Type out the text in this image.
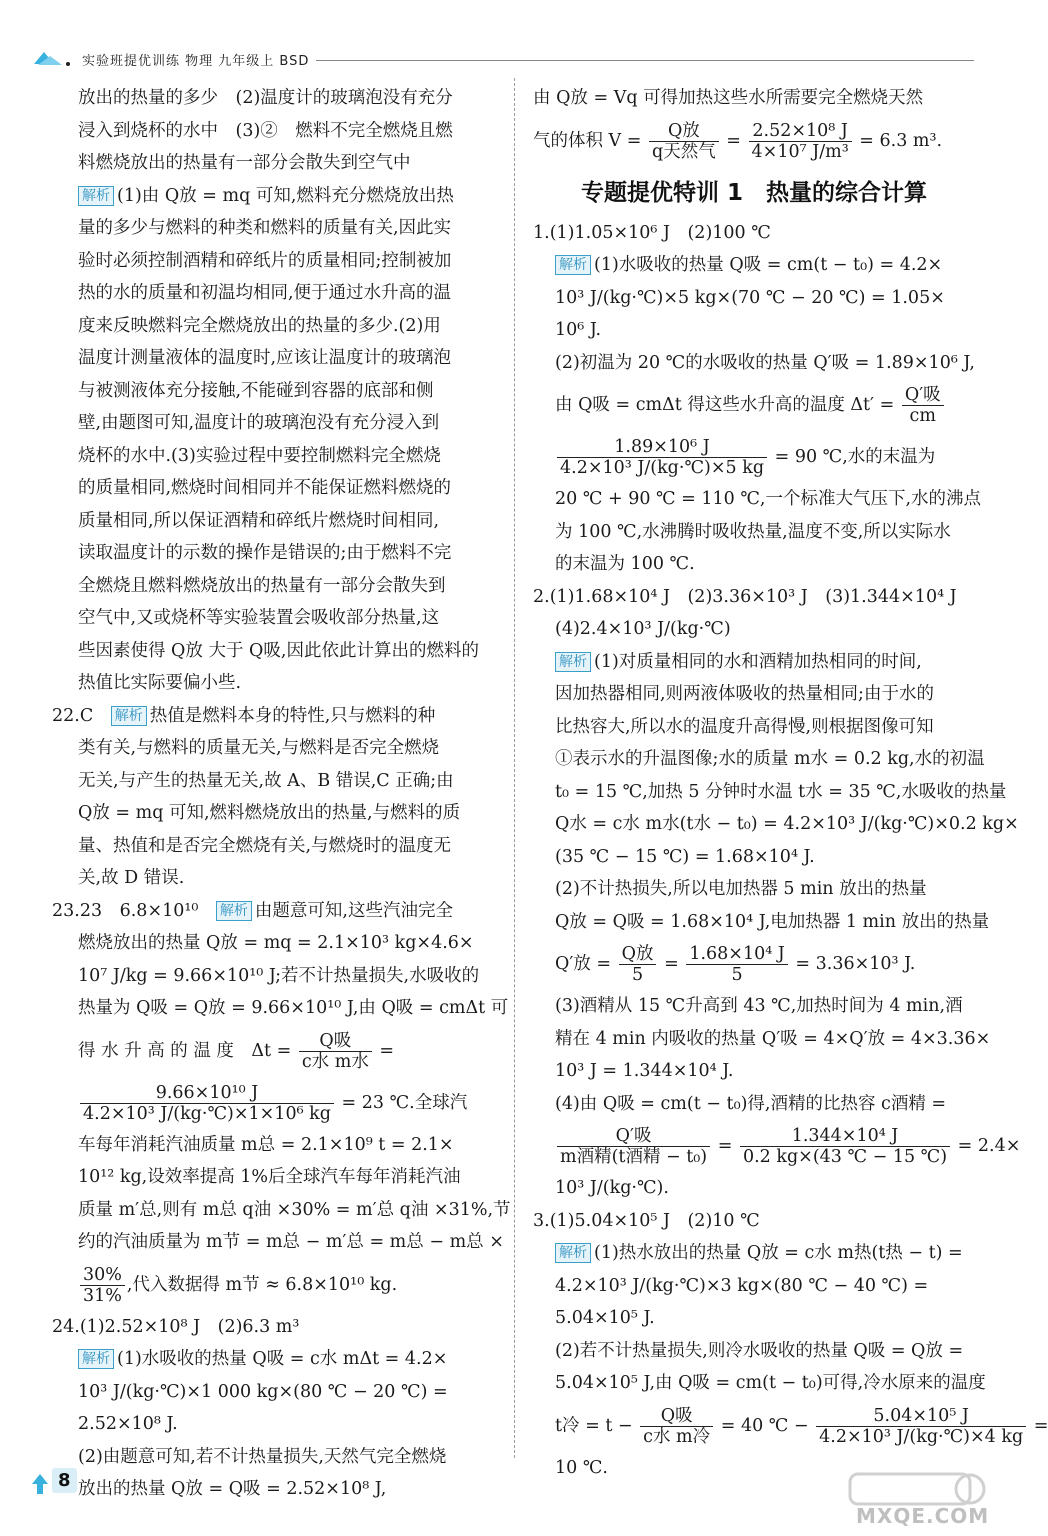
实验班提优训练 物理 九年级上 BSD
放出的热量的多少　(2)温度计的玻璃泡没有充分
浸入到烧杯的水中　(3)②　燃料不完全燃烧且燃
料燃烧放出的热量有一部分会散失到空气中
解析 (1)由 Q放 = mq 可知,燃料充分燃烧放出热
量的多少与燃料的种类和燃料的质量有关,因此实
验时必须控制酒精和碎纸片的质量相同;控制被加
热的水的质量和初温均相同,便于通过水升高的温
度来反映燃料完全燃烧放出的热量的多少.(2)用
温度计测量液体的温度时,应该让温度计的玻璃泡
与被测液体充分接触,不能碰到容器的底部和侧
壁,由题图可知,温度计的玻璃泡没有充分浸入到
烧杯的水中.(3)实验过程中要控制燃料完全燃烧
的质量相同,燃烧时间相同并不能保证燃料燃烧的
质量相同,所以保证酒精和碎纸片燃烧时间相同,
读取温度计的示数的操作是错误的;由于燃料不完
全燃烧且燃料燃烧放出的热量有一部分会散失到
空气中,又或烧杯等实验装置会吸收部分热量,这
些因素使得 Q放 大于 Q吸,因此依此计算出的燃料的
热值比实际要偏小些.
22.C　 解析 热值是燃料本身的特性,只与燃料的种
类有关,与燃料的质量无关,与燃料是否完全燃烧
无关,与产生的热量无关,故 A、B 错误,C 正确;由
Q放 = mq 可知,燃料燃烧放出的热量,与燃料的质
量、热值和是否完全燃烧有关,与燃烧时的温度无
关,故 D 错误.
23.23　6.8×10¹⁰　 解析 由题意可知,这些汽油完全
燃烧放出的热量 Q放 = mq = 2.1×10³ kg×4.6×
10⁷ J/kg = 9.66×10¹⁰ J;若不计热量损失,水吸收的
热量为 Q吸 = Q放 = 9.66×10¹⁰ J,由 Q吸 = cmΔt 可
得 水 升 高 的 温 度　$\Delta t = \frac{\text{Q吸}}{\text{c水 m水}}$ =
$\frac{\text{9.66×10¹⁰ J}}{\text{4.2×10³ J/(kg·℃)×1×10⁶ kg}} = 23$ ℃.全球汽
车每年消耗汽油质量 m总 = 2.1×10⁹ t = 2.1×
10¹² kg,设效率提高 1%后全球汽车每年消耗汽油
质量 m′总,则有 m总 q油 ×30% = m′总 q油 ×31%,节
约的汽油质量为 m节 = m总 − m′总 = m总 − m总 ×
$\frac{30\%}{31\%}$ ,代入数据得 m节 ≈ 6.8×10¹⁰ kg.
24.(1)2.52×10⁸ J　(2)6.3 m³
解析 (1)水吸收的热量 Q吸 = c水 mΔt = 4.2×
10³ J/(kg·℃)×1 000 kg×(80 ℃ − 20 ℃) =
2.52×10⁸ J.
(2)由题意可知,若不计热量损失,天然气完全燃烧
放出的热量 Q放 = Q吸 = 2.52×10⁸ J,
由 Q放 = Vq 可得加热这些水所需要完全燃烧天然
气的体积 $V = \frac{\text{Q放}}{\text{q天然气}} = \frac{\text{2.52×10⁸ J}}{\text{4×10⁷ J/m³}} = 6.3$ m³.
专题提优特训 1　热量的综合计算
1.(1)1.05×10⁶ J　(2)100 ℃
解析 (1)水吸收的热量 Q吸 = cm(t − t₀) = 4.2×
10³ J/(kg·℃)×5 kg×(70 ℃ − 20 ℃) = 1.05×
10⁶ J.
(2)初温为 20 ℃的水吸收的热量 Q′吸 = 1.89×10⁶ J,
由 Q吸 = cmΔt 得这些水升高的温度 $\Delta t' = \frac{\text{Q′吸}}{cm}$
$\frac{\text{1.89×10⁶ J}}{\text{4.2×10³ J/(kg·℃)×5 kg}} = 90$ ℃,水的末温为
20 ℃ + 90 ℃ = 110 ℃,一个标准大气压下,水的沸点
为 100 ℃,水沸腾时吸收热量,温度不变,所以实际水
的末温为 100 ℃.
2.(1)1.68×10⁴ J　(2)3.36×10³ J　(3)1.344×10⁴ J
(4)2.4×10³ J/(kg·℃)
解析 (1)对质量相同的水和酒精加热相同的时间,
因加热器相同,则两液体吸收的热量相同;由于水的
比热容大,所以水的温度升高得慢,则根据图像可知
①表示水的升温图像;水的质量 m水 = 0.2 kg,水的初温
t₀ = 15 ℃,加热 5 分钟时水温 t水 = 35 ℃,水吸收的热量
Q水 = c水 m水(t水 − t₀) = 4.2×10³ J/(kg·℃)×0.2 kg×
(35 ℃ − 15 ℃) = 1.68×10⁴ J.
(2)不计热损失,所以电加热器 5 min 放出的热量
Q放 = Q吸 = 1.68×10⁴ J,电加热器 1 min 放出的热量
Q′放 = $\frac{\text{Q放}}{5} = \frac{\text{1.68×10⁴ J}}{5} = 3.36\times 10^3$ J.
(3)酒精从 15 ℃升高到 43 ℃,加热时间为 4 min,酒
精在 4 min 内吸收的热量 Q′吸 = 4×Q′放 = 4×3.36×
10³ J = 1.344×10⁴ J.
(4)由 Q吸 = cm(t − t₀)得,酒精的比热容 c酒精 =
$\frac{\text{Q′吸}}{\text{m酒精(t酒精 − t₀)}} = \frac{\text{1.344×10⁴ J}}{0.2 kg\times(43 ℃ - 15 ℃)} = 2.4\times$
10³ J/(kg·℃).
3.(1)5.04×10⁵ J　(2)10 ℃
解析 (1)热水放出的热量 Q放 = c水 m热(t热 − t) =
4.2×10³ J/(kg·℃)×3 kg×(80 ℃ − 40 ℃) =
5.04×10⁵ J.
(2)若不计热量损失,则冷水吸收的热量 Q吸 = Q放 =
5.04×10⁵ J,由 Q吸 = cm(t − t₀)可得,冷水原来的温度
t冷 = $t - \frac{\text{Q吸}}{\text{c水 m冷}} = 40$ ℃ − $\frac{\text{5.04×10⁵ J}}{\text{4.2×10³ J/(kg·℃)×4 kg}}$ =
10 ℃.
8
MXQE.COM
